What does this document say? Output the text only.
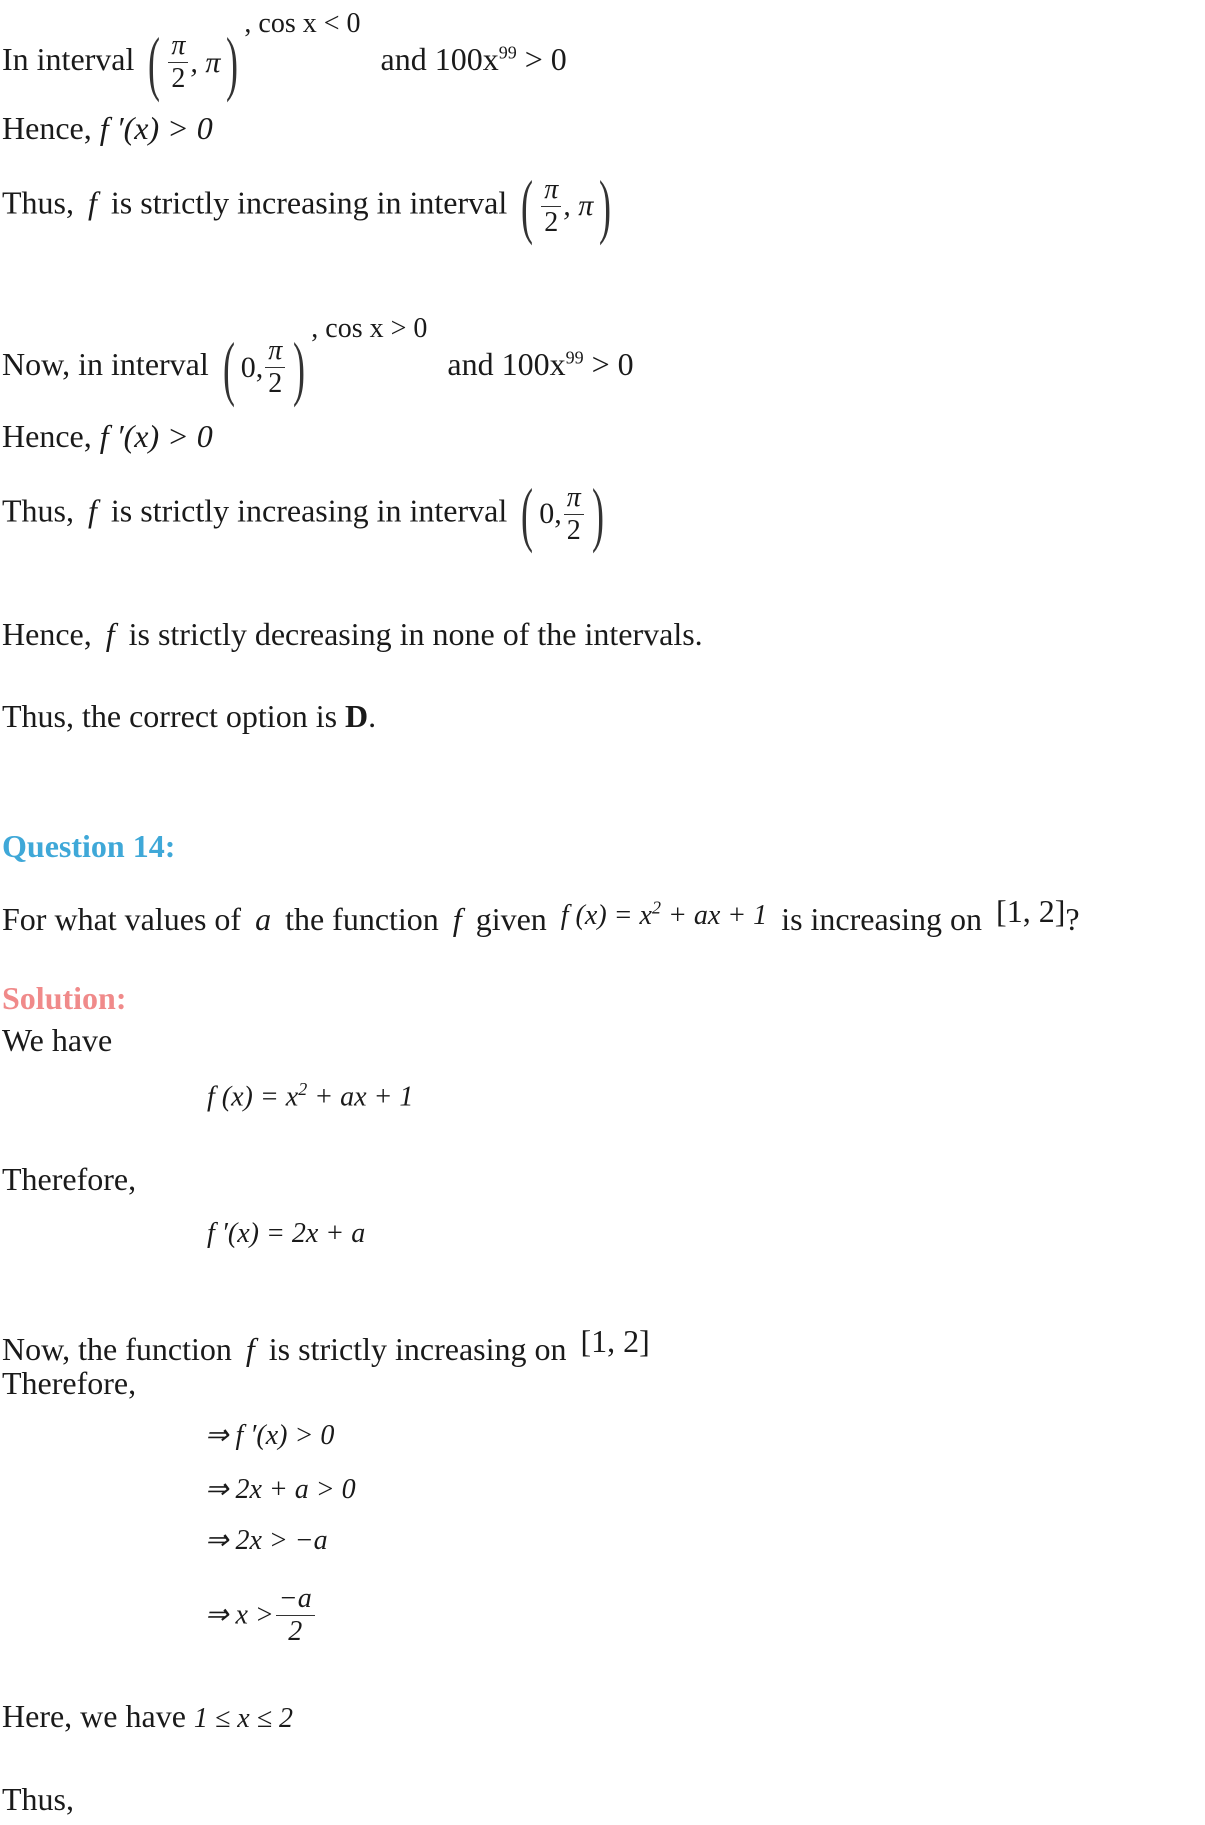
In interval ( $\frac{\pi}{2}$ , π ) , cos x < 0 and $100x^{99} > 0$
Hence, f ′(x) > 0
Thus, f is strictly increasing in interval ( $\frac{\pi}{2}$ , π )
Now, in interval ( 0, $\frac{\pi}{2}$ ) , cos x > 0 and $100x^{99} > 0$
Hence, f ′(x) > 0
Thus, f is strictly increasing in interval ( 0, $\frac{\pi}{2}$ )
Hence, f is strictly decreasing in none of the intervals.
Thus, the correct option is D.
Question 14:
For what values of a the function f given f $(x) = x^2$ + ax + 1 is increasing on [1, 2]?
Solution:
We have
f $(x) = x^2$ + ax + 1
Therefore,
f ′(x) = 2x + a
Now, the function f is strictly increasing on [1, 2]
Therefore,
⇒ f ′(x) > 0
⇒ 2x + a > 0
⇒ 2x > −a
⇒ $x > \frac{-a}{2}$
Here, we have 1 ≤ x ≤ 2
Thus,
